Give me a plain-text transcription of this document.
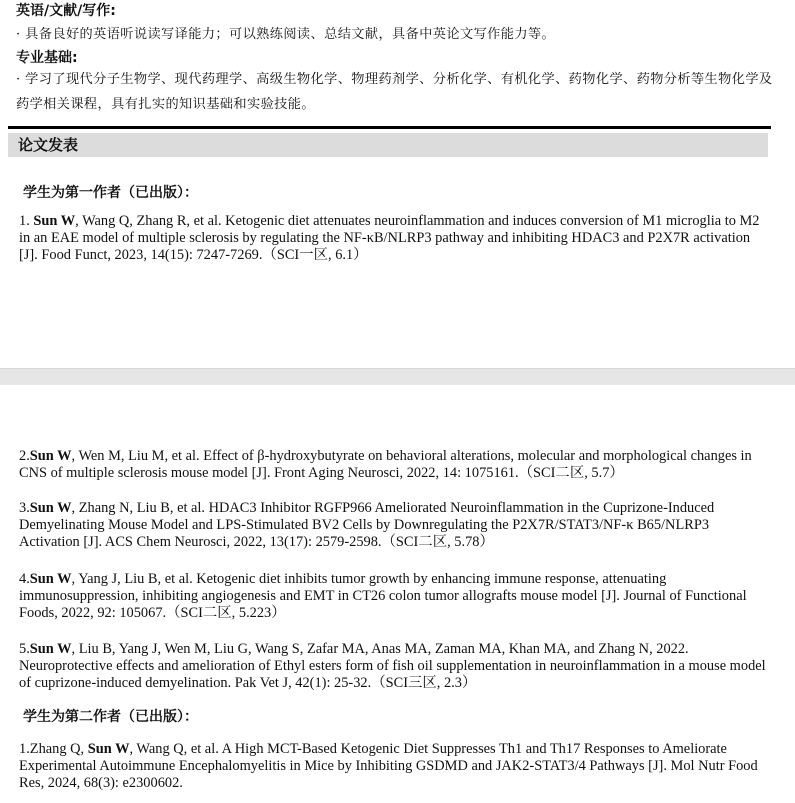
英语/文献/写作:
· 具备良好的英语听说读写译能力；可以熟练阅读、总结文献，具备中英论文写作能力等。
专业基础:
· 学习了现代分子生物学、现代药理学、高级生物化学、物理药剂学、分析化学、有机化学、药物化学、药物分析等生物化学及药学相关课程，具有扎实的知识基础和实验技能。
论文发表
学生为第一作者（已出版）：

1. Sun W, Wang Q, Zhang R, et al. Ketogenic diet attenuates neuroinflammation and induces conversion of M1 microglia to M2 in an EAE model of multiple sclerosis by regulating the NF-κB/NLRP3 pathway and inhibiting HDAC3 and P2X7R activation [J]. Food Funct, 2023, 14(15): 7247-7269.（SCI一区, 6.1）

2.Sun W, Wen M, Liu M, et al. Effect of β-hydroxybutyrate on behavioral alterations, molecular and morphological changes in CNS of multiple sclerosis mouse model [J]. Front Aging Neurosci, 2022, 14: 1075161.（SCI二区, 5.7）

3.Sun W, Zhang N, Liu B, et al. HDAC3 Inhibitor RGFP966 Ameliorated Neuroinflammation in the Cuprizone-Induced Demyelinating Mouse Model and LPS-Stimulated BV2 Cells by Downregulating the P2X7R/STAT3/NF-κ B65/NLRP3 Activation [J]. ACS Chem Neurosci, 2022, 13(17): 2579-2598.（SCI二区, 5.78）

4.Sun W, Yang J, Liu B, et al. Ketogenic diet inhibits tumor growth by enhancing immune response, attenuating immunosuppression, inhibiting angiogenesis and EMT in CT26 colon tumor allografts mouse model [J]. Journal of Functional Foods, 2022, 92: 105067.（SCI二区, 5.223）

5.Sun W, Liu B, Yang J, Wen M, Liu G, Wang S, Zafar MA, Anas MA, Zaman MA, Khan MA, and Zhang N, 2022. Neuroprotective effects and amelioration of Ethyl esters form of fish oil supplementation in neuroinflammation in a mouse model of cuprizone-induced demyelination. Pak Vet J, 42(1): 25-32.（SCI三区, 2.3）

学生为第二作者（已出版）：

1.Zhang Q, Sun W, Wang Q, et al. A High MCT-Based Ketogenic Diet Suppresses Th1 and Th17 Responses to Ameliorate Experimental Autoimmune Encephalomyelitis in Mice by Inhibiting GSDMD and JAK2-STAT3/4 Pathways [J]. Mol Nutr Food Res, 2024, 68(3): e2300602.
